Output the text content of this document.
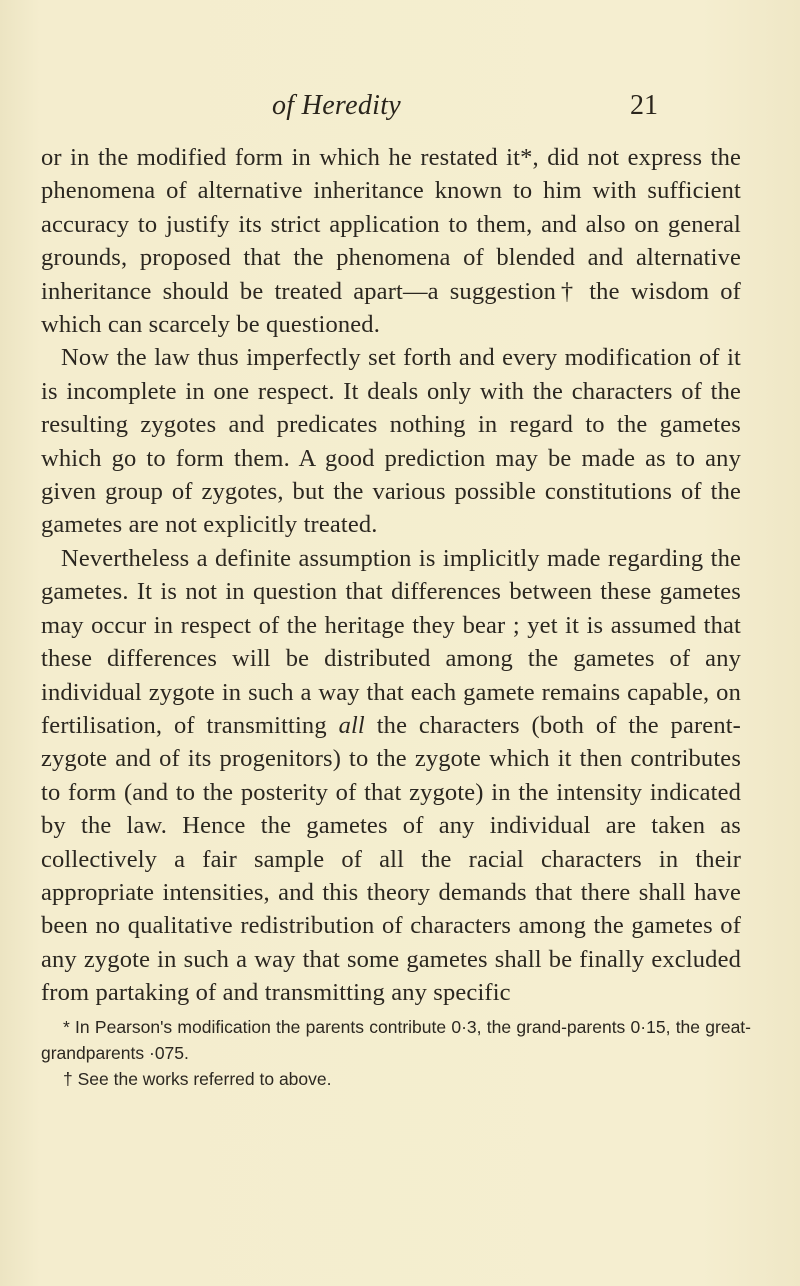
of Heredity	21

or in the modified form in which he restated it*, did not express the phenomena of alternative inheritance known to him with sufficient accuracy to justify its strict application to them, and also on general grounds, proposed that the phenomena of blended and alternative inheritance should be treated apart—a suggestion† the wisdom of which can scarcely be questioned.

Now the law thus imperfectly set forth and every modification of it is incomplete in one respect. It deals only with the characters of the resulting zygotes and predicates nothing in regard to the gametes which go to form them. A good prediction may be made as to any given group of zygotes, but the various possible constitutions of the gametes are not explicitly treated.

Nevertheless a definite assumption is implicitly made regarding the gametes. It is not in question that differences between these gametes may occur in respect of the heritage they bear ; yet it is assumed that these differences will be distributed among the gametes of any individual zygote in such a way that each gamete remains capable, on fertilisation, of transmitting all the characters (both of the parent-zygote and of its progenitors) to the zygote which it then contributes to form (and to the posterity of that zygote) in the intensity indicated by the law. Hence the gametes of any individual are taken as collectively a fair sample of all the racial characters in their appropriate intensities, and this theory demands that there shall have been no qualitative redistribution of characters among the gametes of any zygote in such a way that some gametes shall be finally excluded from partaking of and transmitting any specific

* In Pearson's modification the parents contribute 0·3, the grand-parents 0·15, the great-grandparents ·075.

† See the works referred to above.
